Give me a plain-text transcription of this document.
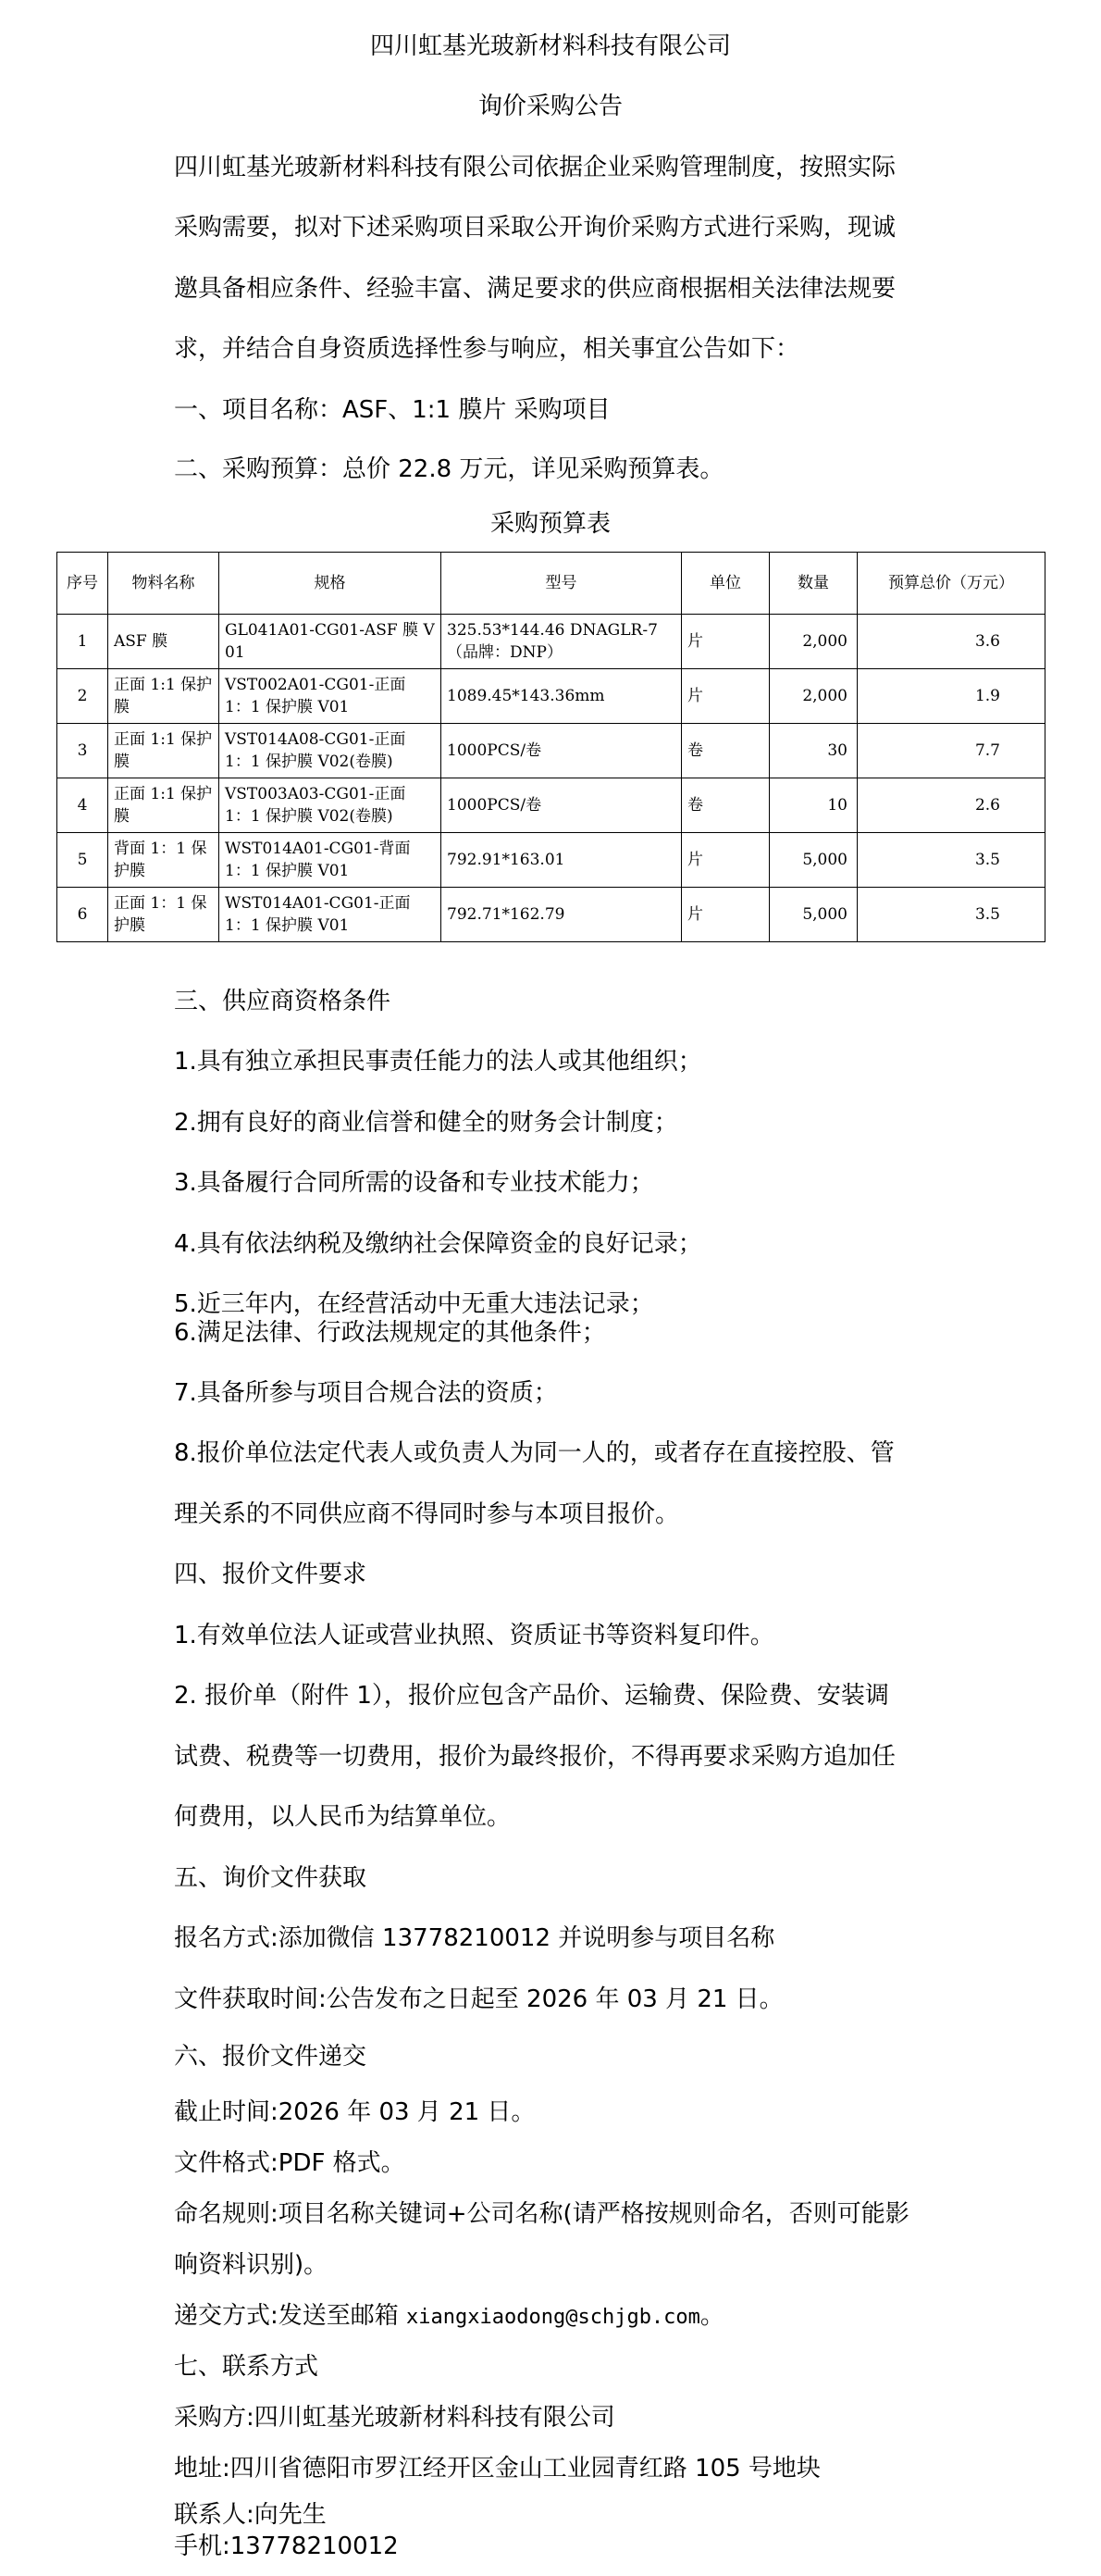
四川虹基光玻新材料科技有限公司
询价采购公告
四川虹基光玻新材料科技有限公司依据企业采购管理制度，按照实际
采购需要，拟对下述采购项目采取公开询价采购方式进行采购，现诚
邀具备相应条件、经验丰富、满足要求的供应商根据相关法律法规要
求，并结合自身资质选择性参与响应，相关事宜公告如下：
一、项目名称：ASF、1:1 膜片 采购项目
二、采购预算：总价 22.8 万元，详见采购预算表。
采购预算表
序号	物料名称	规格	型号	单位	数量	预算总价（万元）
1	ASF 膜	GL041A01-CG01-ASF 膜 V01	325.53*144.46 DNAGLR-7（品牌：DNP）	片	2,000	3.6
2	正面 1:1 保护膜	VST002A01-CG01-正面 1：1 保护膜 V01	1089.45*143.36mm	片	2,000	1.9
3	正面 1:1 保护膜	VST014A08-CG01-正面 1：1 保护膜 V02(卷膜)	1000PCS/卷	卷	30	7.7
4	正面 1:1 保护膜	VST003A03-CG01-正面 1：1 保护膜 V02(卷膜)	1000PCS/卷	卷	10	2.6
5	背面 1：1 保护膜	WST014A01-CG01-背面 1：1 保护膜 V01	792.91*163.01	片	5,000	3.5
6	正面 1：1 保护膜	WST014A01-CG01-正面 1：1 保护膜 V01	792.71*162.79	片	5,000	3.5
三、供应商资格条件
1.具有独立承担民事责任能力的法人或其他组织；
2.拥有良好的商业信誉和健全的财务会计制度；
3.具备履行合同所需的设备和专业技术能力；
4.具有依法纳税及缴纳社会保障资金的良好记录；
5.近三年内，在经营活动中无重大违法记录；
6.满足法律、行政法规规定的其他条件；
7.具备所参与项目合规合法的资质；
8.报价单位法定代表人或负责人为同一人的，或者存在直接控股、管
理关系的不同供应商不得同时参与本项目报价。
四、报价文件要求
1.有效单位法人证或营业执照、资质证书等资料复印件。
2. 报价单（附件 1），报价应包含产品价、运输费、保险费、安装调
试费、税费等一切费用，报价为最终报价，不得再要求采购方追加任
何费用，以人民币为结算单位。
五、询价文件获取
报名方式:添加微信 13778210012 并说明参与项目名称
文件获取时间:公告发布之日起至 2026 年 03 月 21 日。
六、报价文件递交
截止时间:2026 年 03 月 21 日。
文件格式:PDF 格式。
命名规则:项目名称关键词+公司名称(请严格按规则命名，否则可能影
响资料识别)。
递交方式:发送至邮箱 xiangxiaodong@schjgb.com。
七、联系方式
采购方:四川虹基光玻新材料科技有限公司
地址:四川省德阳市罗江经开区金山工业园青红路 105 号地块
联系人:向先生
手机:13778210012
